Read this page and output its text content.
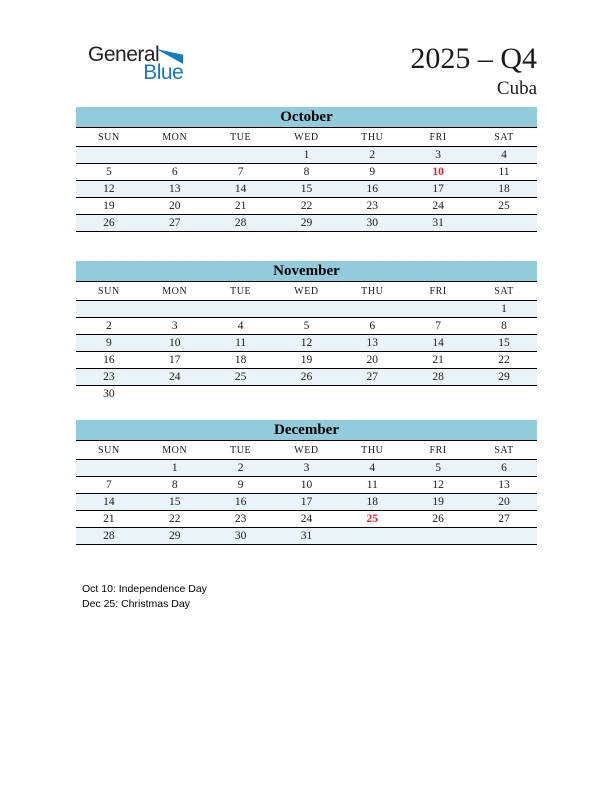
General
Blue	2025 – Q4
Cuba
October						
SUN	MON	TUE	WED	THU	FRI	SAT
			1	2	3	4
5	6	7	8	9	10	11
12	13	14	15	16	17	18
19	20	21	22	23	24	25
26	27	28	29	30	31	
November						
SUN	MON	TUE	WED	THU	FRI	SAT
						1
2	3	4	5	6	7	8
9	10	11	12	13	14	15
16	17	18	19	20	21	22
23	24	25	26	27	28	29
30						
December						
SUN	MON	TUE	WED	THU	FRI	SAT
	1	2	3	4	5	6
7	8	9	10	11	12	13
14	15	16	17	18	19	20
21	22	23	24	25	26	27
28	29	30	31			
Oct 10: Independence Day
Dec 25: Christmas Day
